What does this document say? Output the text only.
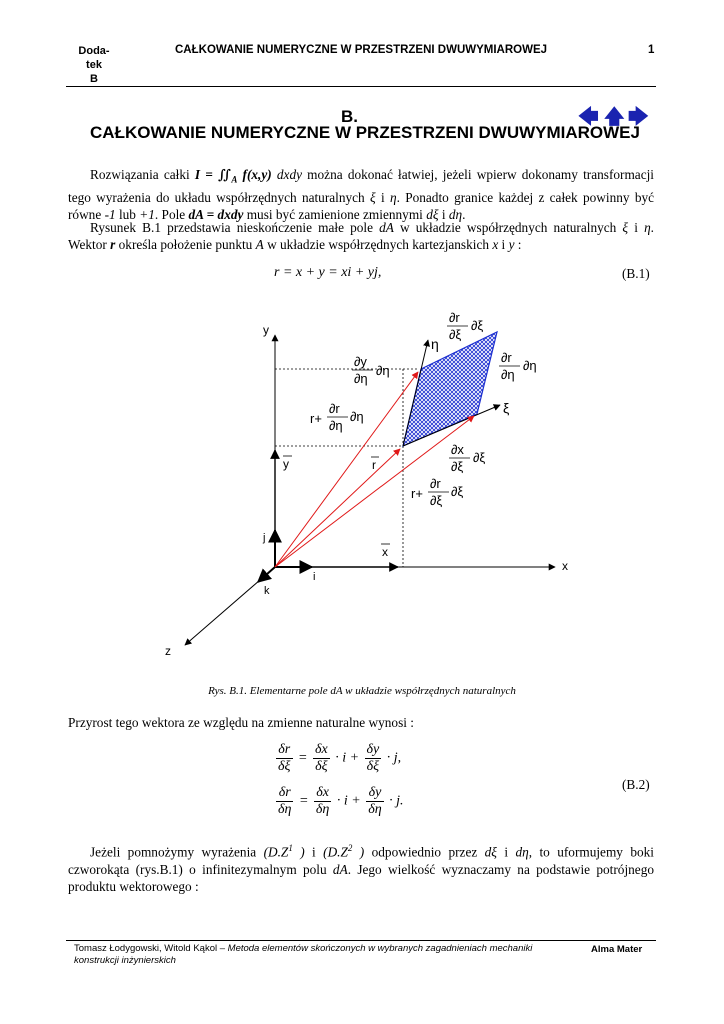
Doda-
tek
B
CAŁKOWANIE NUMERYCZNE W PRZESTRZENI DWUWYMIAROWEJ	1
B.	🡄 🡅 🡆
CAŁKOWANIE NUMERYCZNE W PRZESTRZENI DWUWYMIAROWEJ
Rozwiązania całki $I = ∬_A$ f(x,y) dxdy można dokonać łatwiej, jeżeli wpierw dokonamy transformacji tego wyrażenia do układu współrzędnych naturalnych ξ i η. Ponadto granice każdej z całek powinny być równe -1 lub +1. Pole dA = dxdy musi być zamienione zmiennymi dξ i dη.
Rysunek B.1 przedstawia nieskończenie małe pole dA w układzie współrzędnych naturalnych ξ i η. Wektor r określa położenie punktu A w układzie współrzędnych kartezjanskich x i y :
r = x + y = xi + yj,	(B.1)
y
x
z
j
i
k
y
x
r
ξ
η
∂r
∂ξ
∂ξ
∂r
∂η
∂η
∂y
∂η
∂η
r+
∂r
∂η
∂η
∂x
∂ξ
∂ξ
r+
∂r
∂ξ
∂ξ
Rys. B.1. Elementarne pole dA w układzie współrzędnych naturalnych
Przyrost tego wektora ze względu na zmienne naturalne wynosi :
$\frac{\delta r}{\delta\xi} = \frac{\delta x}{\delta\xi} \cdot i + \frac{\delta y}{\delta\xi} \cdot j$,
$\frac{\delta r}{\delta\eta} = \frac{\delta x}{\delta\eta} \cdot i + \frac{\delta y}{\delta\eta} \cdot j$.
(B.2)
Jeżeli pomnożymy wyrażenia ($D.Z^1$ ) i ($D.Z^2$ ) odpowiednio przez dξ i dη, to uformujemy boki czworokąta (rys.B.1) o infinitezymalnym polu dA. Jego wielkość wyznaczamy na podstawie potrójnego produktu wektorowego :
Tomasz Łodygowski, Witold Kąkol – Metoda elementów skończonych w wybranych zagadnieniach mechaniki konstrukcji inżynierskich
Alma Mater
